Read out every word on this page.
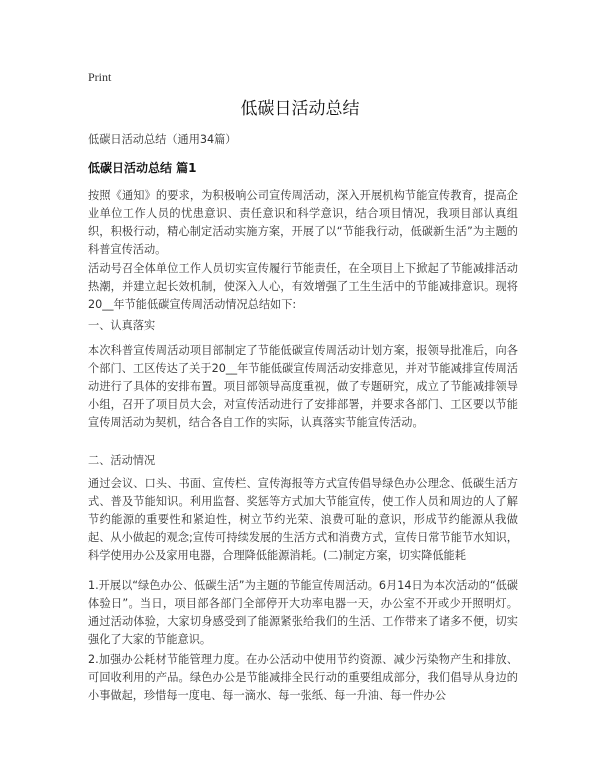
Print
低碳日活动总结

低碳日活动总结（通用34篇）

低碳日活动总结 篇1

按照《通知》的要求，为积极响公司宣传周活动，深入开展机构节能宣传教育，提高企业单位工作人员的忧患意识、责任意识和科学意识，结合项目情况，我项目部认真组织，积极行动，精心制定活动实施方案，开展了以“节能我行动，低碳新生活”为主题的科普宣传活动。

活动号召全体单位工作人员切实宣传履行节能责任，在全项目上下掀起了节能减排活动热潮，并建立起长效机制，使深入人心，有效增强了工生生活中的节能减排意识。现将20__年节能低碳宣传周活动情况总结如下:

一、认真落实

本次科普宣传周活动项目部制定了节能低碳宣传周活动计划方案，报领导批准后，向各个部门、工区传达了关于20__年节能低碳宣传周活动安排意见，并对节能减排宣传周活动进行了具体的安排布置。项目部领导高度重视，做了专题研究，成立了节能减排领导小组，召开了项目员大会，对宣传活动进行了安排部署，并要求各部门、工区要以节能宣传周活动为契机，结合各自工作的实际，认真落实节能宣传活动。

二、活动情况

通过会议、口头、书面、宣传栏、宣传海报等方式宣传倡导绿色办公理念、低碳生活方式、普及节能知识。利用监督、奖惩等方式加大节能宣传，使工作人员和周边的人了解节约能源的重要性和紧迫性，树立节约光荣、浪费可耻的意识，形成节约能源从我做起、从小做起的观念;宣传可持续发展的生活方式和消费方式，宣传日常节能节水知识，科学使用办公及家用电器，合理降低能源消耗。(二)制定方案，切实降低能耗

1.开展以“绿色办公、低碳生活”为主题的节能宣传周活动。6月14日为本次活动的“低碳体验日”。当日，项目部各部门全部停开大功率电器一天，办公室不开或少开照明灯。通过活动体验，大家切身感受到了能源紧张给我们的生活、工作带来了诸多不便，切实强化了大家的节能意识。

2.加强办公耗材节能管理力度。在办公活动中使用节约资源、减少污染物产生和排放、可回收利用的产品。绿色办公是节能减排全民行动的重要组成部分，我们倡导从身边的小事做起，珍惜每一度电、每一滴水、每一张纸、每一升油、每一件办公
